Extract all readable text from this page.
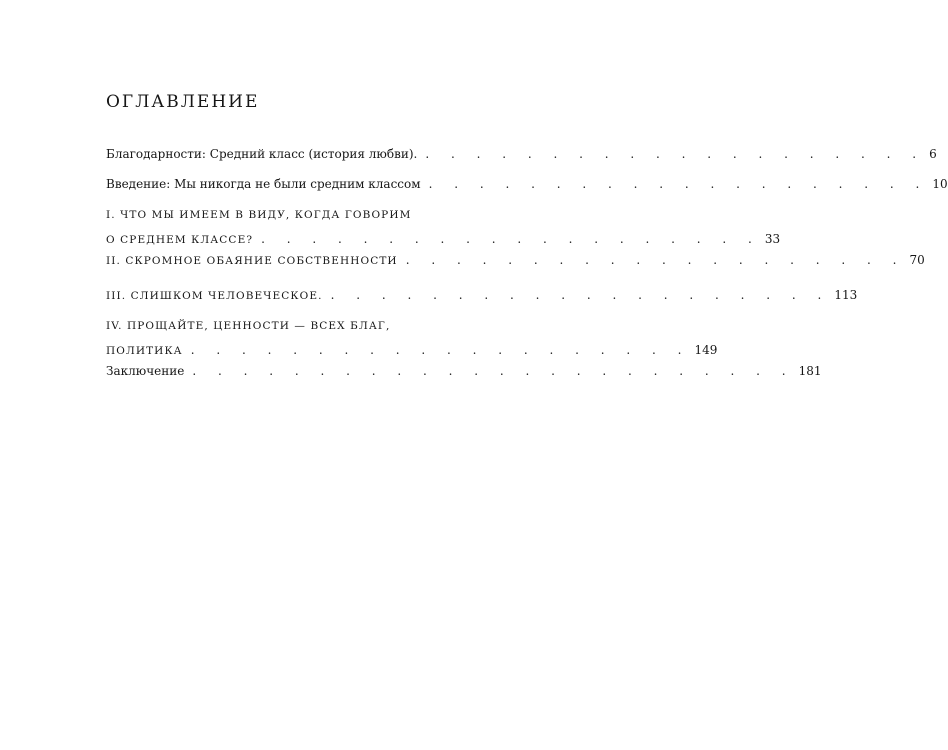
ОГЛАВЛЕНИЕ
Благодарности: Средний класс (история любви). . . . . . . . . . . . . . . . . . . . . 6
Введение: Мы никогда не были средним классом . . . . . . . . . . . . . . . . . . . . 10
I. ЧТО МЫ ИМЕЕМ В ВИДУ, КОГДА ГОВОРИМ
О СРЕДНЕМ КЛАССЕ? . . . . . . . . . . . . . . . . . . . . 33
II. СКРОМНОЕ ОБАЯНИЕ СОБСТВЕННОСТИ . . . . . . . . . . . . . . . . . . . . 70
III. СЛИШКОМ ЧЕЛОВЕЧЕСКОЕ. . . . . . . . . . . . . . . . . . . . . 113
IV. ПРОЩАЙТЕ, ЦЕННОСТИ — ВСЕХ БЛАГ,
ПОЛИТИКА . . . . . . . . . . . . . . . . . . . . 149
Заключение . . . . . . . . . . . . . . . . . . . . . . . . 181
